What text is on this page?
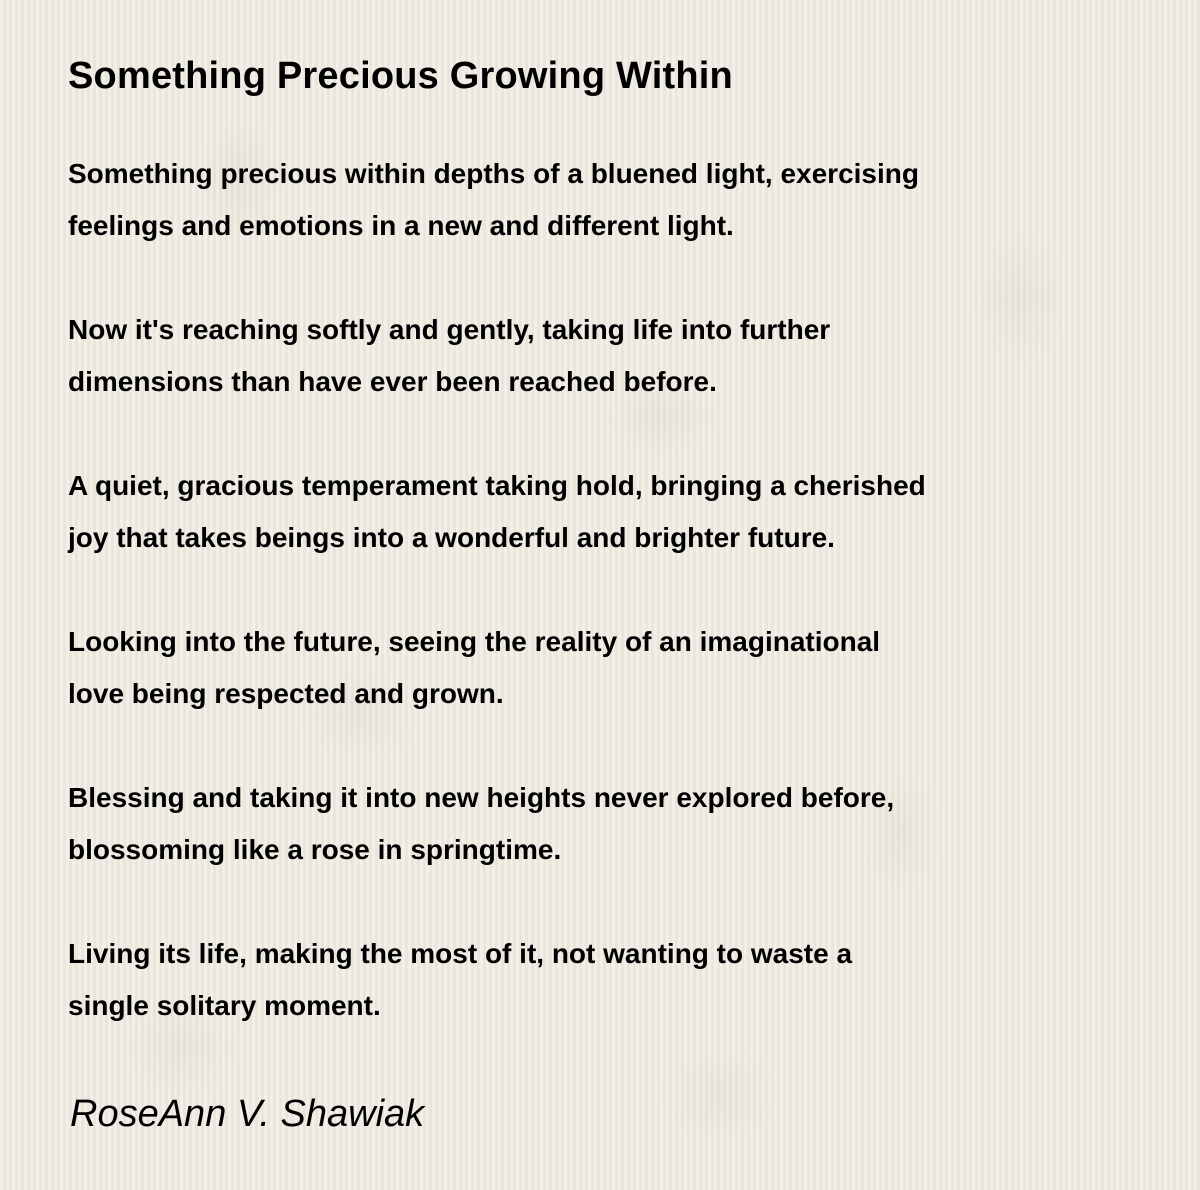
Something Precious Growing Within

Something precious within depths of a bluened light, exercising
feelings and emotions in a new and different light.

Now it's reaching softly and gently, taking life into further
dimensions than have ever been reached before.

A quiet, gracious temperament taking hold, bringing a cherished
joy that takes beings into a wonderful and brighter future.

Looking into the future, seeing the reality of an imaginational
love being respected and grown.

Blessing and taking it into new heights never explored before,
blossoming like a rose in springtime.

Living its life, making the most of it, not wanting to waste a
single solitary moment.

RoseAnn V. Shawiak
